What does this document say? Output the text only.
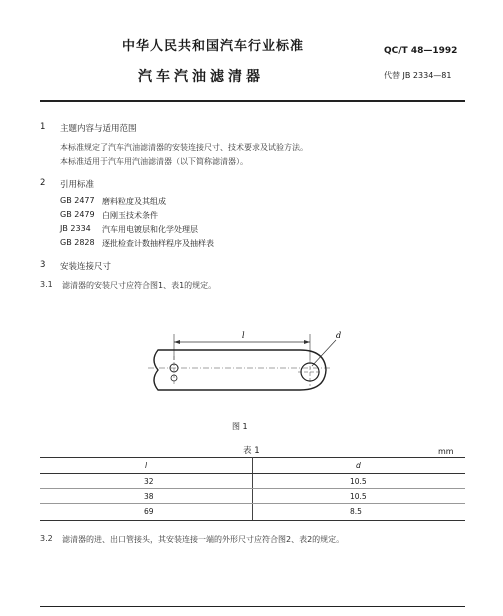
中华人民共和国汽车行业标准	QC/T 48—1992
汽车汽油滤清器	代替 JB 2334—81
1 主题内容与适用范围
本标准规定了汽车汽油滤清器的安装连接尺寸、技术要求及试验方法。
本标准适用于汽车用汽油滤清器（以下简称滤清器）。
2 引用标准
GB 2477 磨料粒度及其组成
GB 2479 白刚玉技术条件
JB 2334	汽车用电镀层和化学处理层
GB 2828 逐批检查计数抽样程序及抽样表
3 安装连接尺寸
3.1 滤清器的安装尺寸应符合图1、表1的规定。
l	d
图 1
表 1	mm
l	d
32	10.5
38	10.5
69	8.5
3.2 滤清器的进、出口管接头，其安装连接一端的外形尺寸应符合图2、表2的规定。
